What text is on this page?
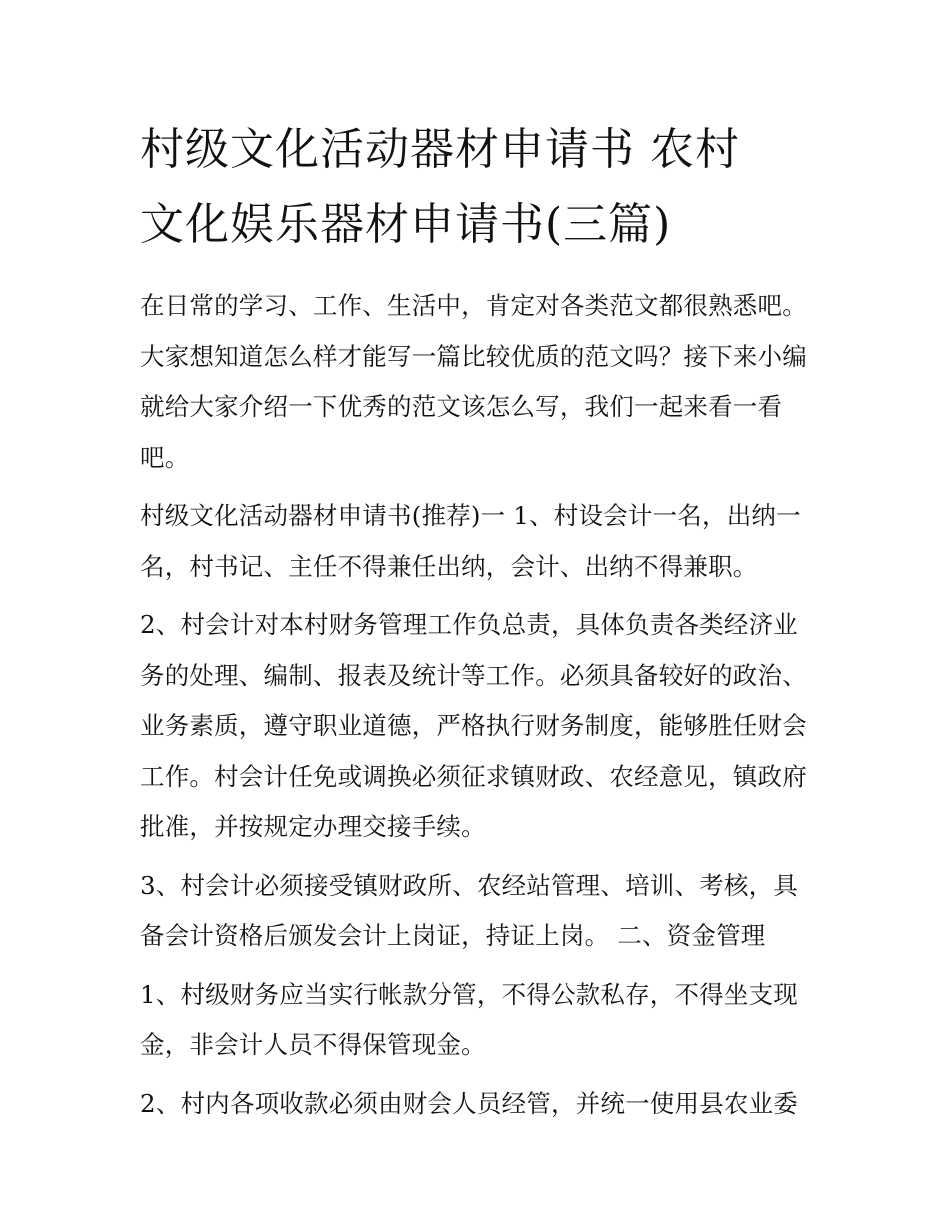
村级文化活动器材申请书 农村
文化娱乐器材申请书(三篇)
在日常的学习、工作、生活中，肯定对各类范文都很熟悉吧。
大家想知道怎么样才能写一篇比较优质的范文吗？接下来小编
就给大家介绍一下优秀的范文该怎么写，我们一起来看一看
吧。
村级文化活动器材申请书(推荐)一 1、村设会计一名，出纳一
名，村书记、主任不得兼任出纳，会计、出纳不得兼职。
2、村会计对本村财务管理工作负总责，具体负责各类经济业
务的处理、编制、报表及统计等工作。必须具备较好的政治、
业务素质，遵守职业道德，严格执行财务制度，能够胜任财会
工作。村会计任免或调换必须征求镇财政、农经意见，镇政府
批准，并按规定办理交接手续。
3、村会计必须接受镇财政所、农经站管理、培训、考核，具
备会计资格后颁发会计上岗证，持证上岗。 二、资金管理
1、村级财务应当实行帐款分管，不得公款私存，不得坐支现
金，非会计人员不得保管现金。
2、村内各项收款必须由财会人员经管，并统一使用县农业委
